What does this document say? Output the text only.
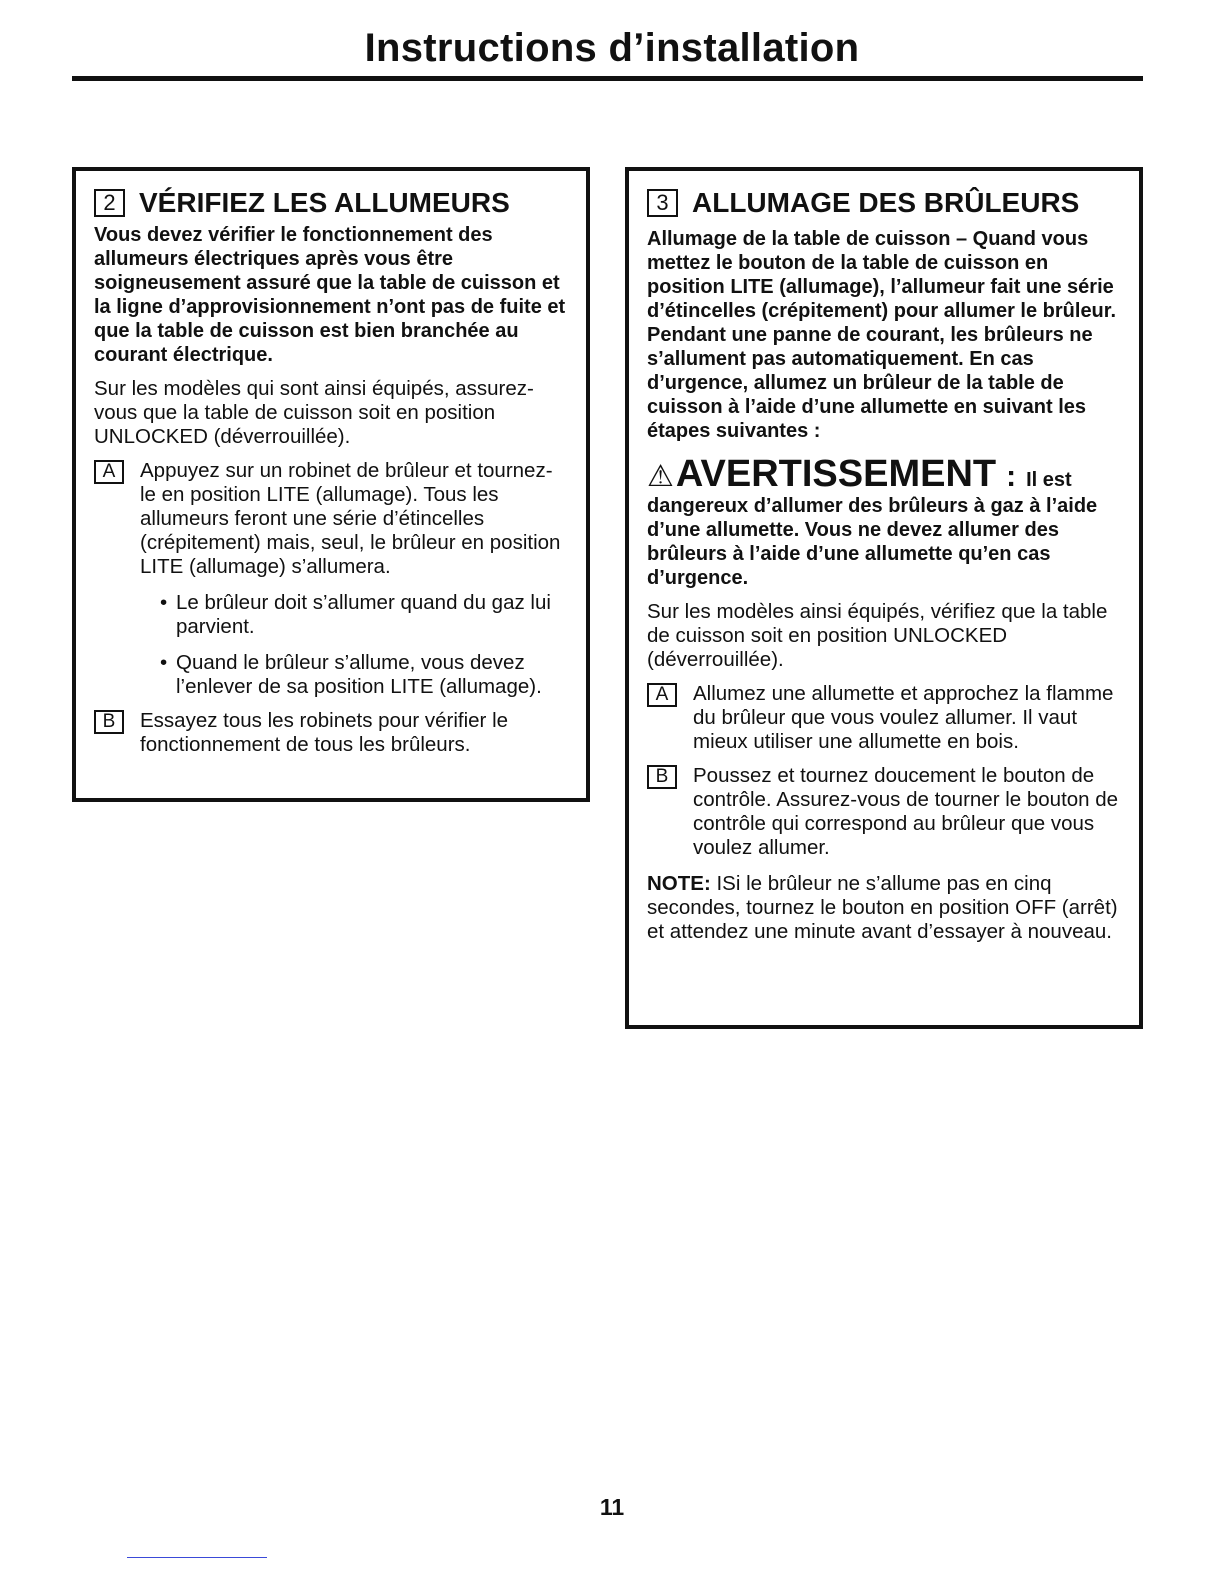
Instructions d’installation
2 VÉRIFIEZ LES ALLUMEURS

Vous devez vérifier le fonctionnement des allumeurs électriques après vous être soigneusement assuré que la table de cuisson et la ligne d’approvisionnement n’ont pas de fuite et que la table de cuisson est bien branchée au courant électrique.

Sur les modèles qui sont ainsi équipés, assurez-vous que la table de cuisson soit en position UNLOCKED (déverrouillée).

A	Appuyez sur un robinet de brûleur et tournez-le en position LITE (allumage). Tous les allumeurs feront une série d’étincelles (crépitement) mais, seul, le brûleur en position LITE (allumage) s’allumera.
• Le brûleur doit s’allumer quand du gaz lui parvient.
• Quand le brûleur s’allume, vous devez l’enlever de sa position LITE (allumage).
B	Essayez tous les robinets pour vérifier le fonctionnement de tous les brûleurs.
3 ALLUMAGE DES BRÛLEURS

Allumage de la table de cuisson – Quand vous mettez le bouton de la table de cuisson en position LITE (allumage), l’allumeur fait une série d’étincelles (crépitement) pour allumer le brûleur. Pendant une panne de courant, les brûleurs ne s’allument pas automatiquement. En cas d’urgence, allumez un brûleur de la table de cuisson à l’aide d’une allumette en suivant les étapes suivantes :

⚠ AVERTISSEMENT : Il est

dangereux d’allumer des brûleurs à gaz à l’aide d’une allumette. Vous ne devez allumer des brûleurs à l’aide d’une allumette qu’en cas d’urgence.

Sur les modèles ainsi équipés, vérifiez que la table de cuisson soit en position UNLOCKED (déverrouillée).

A	Allumez une allumette et approchez la flamme du brûleur que vous voulez allumer. Il vaut mieux utiliser une allumette en bois.
B	Poussez et tournez doucement le bouton de contrôle. Assurez-vous de tourner le bouton de contrôle qui correspond au brûleur que vous voulez allumer.

NOTE: ISi le brûleur ne s’allume pas en cinq secondes, tournez le bouton en position OFF (arrêt) et attendez une minute avant d’essayer à nouveau.

11
